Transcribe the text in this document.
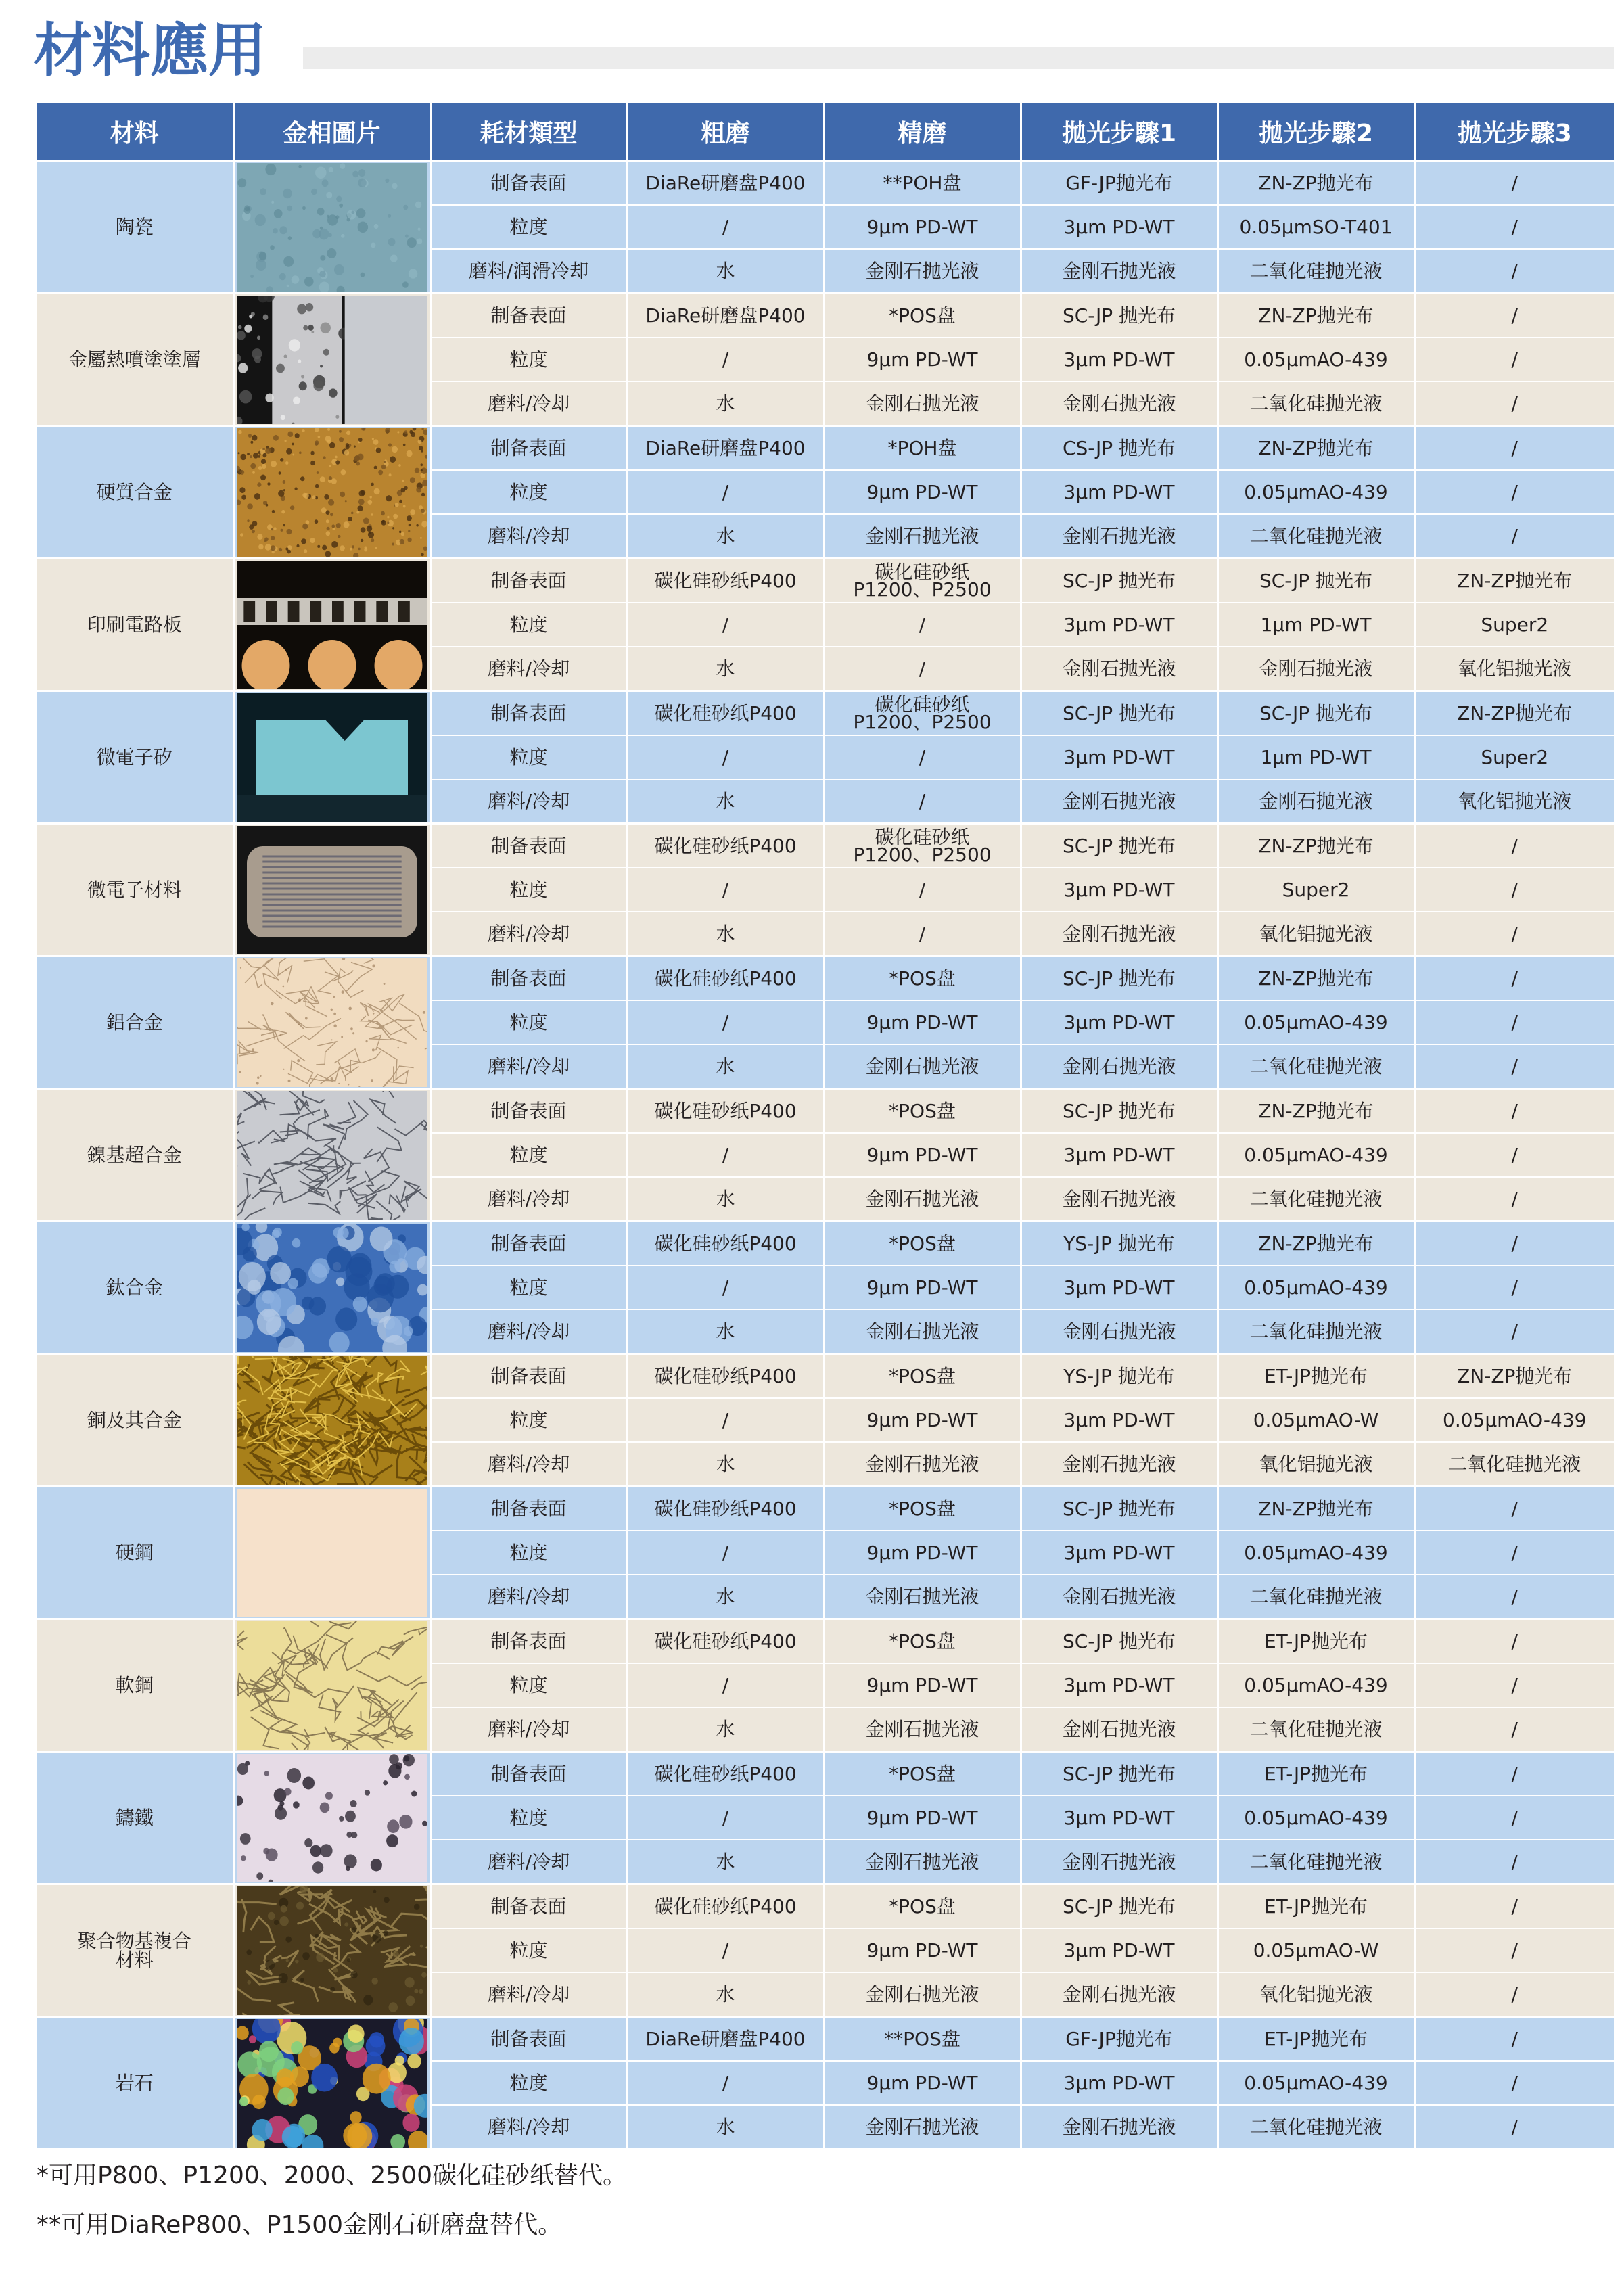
材料應用
材料	金相圖片	耗材類型	粗磨	精磨	拋光步驟1	拋光步驟2	拋光步驟3
陶瓷		制备表面	DiaRe研磨盘P400	**POH盘	GF-JP抛光布	ZN-ZP抛光布	/
		粒度	/	9μm PD-WT	3μm PD-WT	0.05μmSO-T401	/
		磨料/润滑冷却	水	金刚石抛光液	金刚石抛光液	二氧化硅抛光液	/
金屬熱噴塗塗層		制备表面	DiaRe研磨盘P400	*POS盘	SC-JP 抛光布	ZN-ZP抛光布	/
		粒度	/	9μm PD-WT	3μm PD-WT	0.05μmAO-439	/
		磨料/冷却	水	金刚石抛光液	金刚石抛光液	二氧化硅抛光液	/
硬質合金		制备表面	DiaRe研磨盘P400	*POH盘	CS-JP 抛光布	ZN-ZP抛光布	/
		粒度	/	9μm PD-WT	3μm PD-WT	0.05μmAO-439	/
		磨料/冷却	水	金刚石抛光液	金刚石抛光液	二氧化硅抛光液	/
印刷電路板		制备表面	碳化硅砂纸P400	碳化硅砂纸
P1200、P2500	SC-JP 抛光布	SC-JP 抛光布	ZN-ZP抛光布
		粒度	/	/	3μm PD-WT	1μm PD-WT	Super2
		磨料/冷却	水	/	金刚石抛光液	金刚石抛光液	氧化铝抛光液
微電子矽		制备表面	碳化硅砂纸P400	碳化硅砂纸
P1200、P2500	SC-JP 抛光布	SC-JP 抛光布	ZN-ZP抛光布
		粒度	/	/	3μm PD-WT	1μm PD-WT	Super2
		磨料/冷却	水	/	金刚石抛光液	金刚石抛光液	氧化铝抛光液
微電子材料		制备表面	碳化硅砂纸P400	碳化硅砂纸
P1200、P2500	SC-JP 抛光布	ZN-ZP抛光布	/
		粒度	/	/	3μm PD-WT	Super2	/
		磨料/冷却	水	/	金刚石抛光液	氧化铝抛光液	/
鋁合金		制备表面	碳化硅砂纸P400	*POS盘	SC-JP 抛光布	ZN-ZP抛光布	/
		粒度	/	9μm PD-WT	3μm PD-WT	0.05μmAO-439	/
		磨料/冷却	水	金刚石抛光液	金刚石抛光液	二氧化硅抛光液	/
鎳基超合金		制备表面	碳化硅砂纸P400	*POS盘	SC-JP 抛光布	ZN-ZP抛光布	/
		粒度	/	9μm PD-WT	3μm PD-WT	0.05μmAO-439	/
		磨料/冷却	水	金刚石抛光液	金刚石抛光液	二氧化硅抛光液	/
鈦合金		制备表面	碳化硅砂纸P400	*POS盘	YS-JP 抛光布	ZN-ZP抛光布	/
		粒度	/	9μm PD-WT	3μm PD-WT	0.05μmAO-439	/
		磨料/冷却	水	金刚石抛光液	金刚石抛光液	二氧化硅抛光液	/
銅及其合金		制备表面	碳化硅砂纸P400	*POS盘	YS-JP 抛光布	ET-JP抛光布	ZN-ZP抛光布
		粒度	/	9μm PD-WT	3μm PD-WT	0.05μmAO-W	0.05μmAO-439
		磨料/冷却	水	金刚石抛光液	金刚石抛光液	氧化铝抛光液	二氧化硅抛光液
硬鋼		制备表面	碳化硅砂纸P400	*POS盘	SC-JP 抛光布	ZN-ZP抛光布	/
		粒度	/	9μm PD-WT	3μm PD-WT	0.05μmAO-439	/
		磨料/冷却	水	金刚石抛光液	金刚石抛光液	二氧化硅抛光液	/
軟鋼		制备表面	碳化硅砂纸P400	*POS盘	SC-JP 抛光布	ET-JP抛光布	/
		粒度	/	9μm PD-WT	3μm PD-WT	0.05μmAO-439	/
		磨料/冷却	水	金刚石抛光液	金刚石抛光液	二氧化硅抛光液	/
鑄鐵		制备表面	碳化硅砂纸P400	*POS盘	SC-JP 抛光布	ET-JP抛光布	/
		粒度	/	9μm PD-WT	3μm PD-WT	0.05μmAO-439	/
		磨料/冷却	水	金刚石抛光液	金刚石抛光液	二氧化硅抛光液	/
聚合物基複合
材料		制备表面	碳化硅砂纸P400	*POS盘	SC-JP 抛光布	ET-JP抛光布	/
		粒度	/	9μm PD-WT	3μm PD-WT	0.05μmAO-W	/
		磨料/冷却	水	金刚石抛光液	金刚石抛光液	氧化铝抛光液	/
岩石		制备表面	DiaRe研磨盘P400	**POS盘	GF-JP抛光布	ET-JP抛光布	/
		粒度	/	9μm PD-WT	3μm PD-WT	0.05μmAO-439	/
		磨料/冷却	水	金刚石抛光液	金刚石抛光液	二氧化硅抛光液	/
*可用P800、P1200、2000、2500碳化硅砂纸替代。
**可用DiaReP800、P1500金刚石研磨盘替代。
